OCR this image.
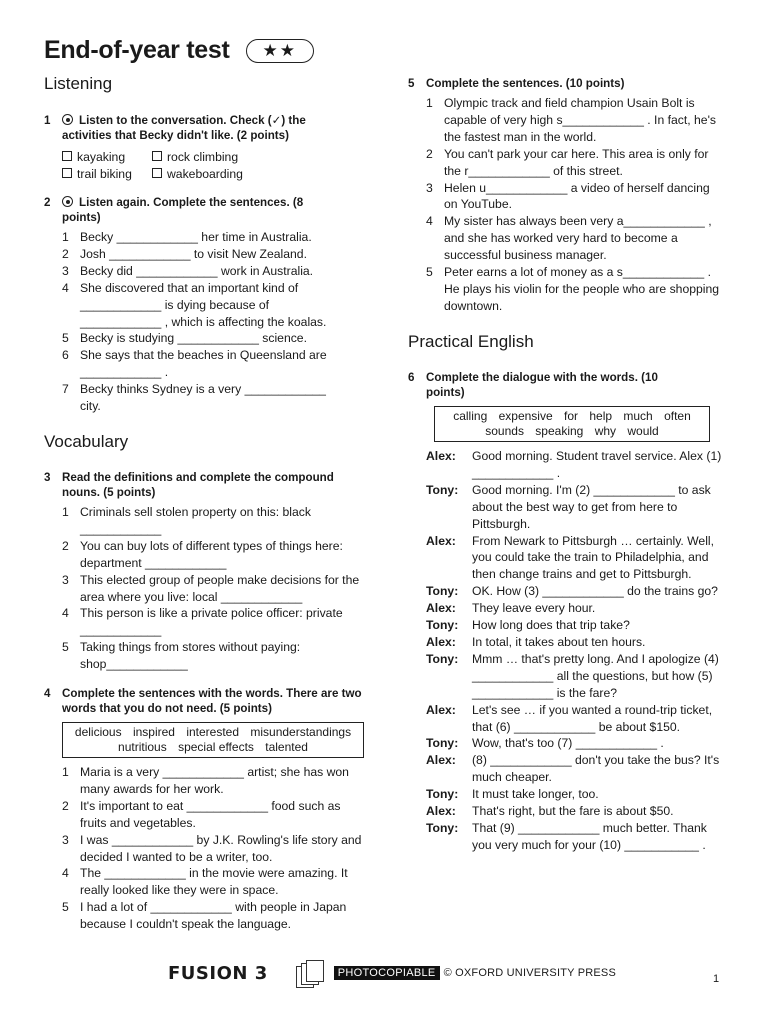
End-of-year test	★★
Listening
1	Listen to the conversation. Check (✓) the activities that Becky didn't like. (2 points)
kayaking	rock climbing
trail biking	wakeboarding
2	Listen again. Complete the sentences. (8 points)
1 Becky ____________ her time in Australia.
2 Josh ____________ to visit New Zealand.
3 Becky did ____________ work in Australia.
4 She discovered that an important kind of ____________ is dying because of ____________ , which is affecting the koalas.
5 Becky is studying ____________ science.
6 She says that the beaches in Queensland are ____________ .
7 Becky thinks Sydney is a very ____________ city.
Vocabulary
3 Read the definitions and complete the compound nouns. (5 points)
1 Criminals sell stolen property on this: black ____________
2 You can buy lots of different types of things here: department ____________
3 This elected group of people make decisions for the area where you live: local ____________
4 This person is like a private police officer: private ____________
5 Taking things from stores without paying: shop____________
4 Complete the sentences with the words. There are two words that you do not need. (5 points)
delicious inspired interested misunderstandings
nutritious special effects talented
1 Maria is a very ____________ artist; she has won many awards for her work.
2 It's important to eat ____________ food such as fruits and vegetables.
3 I was ____________ by J.K. Rowling's life story and decided I wanted to be a writer, too.
4 The ____________ in the movie were amazing. It really looked like they were in space.
5 I had a lot of ____________ with people in Japan because I couldn't speak the language.
5 Complete the sentences. (10 points)
1 Olympic track and field champion Usain Bolt is capable of very high s____________ . In fact, he's the fastest man in the world.
2 You can't park your car here. This area is only for the r____________ of this street.
3 Helen u____________ a video of herself dancing on YouTube.
4 My sister has always been very a____________ , and she has worked very hard to become a successful business manager.
5 Peter earns a lot of money as a s____________ . He plays his violin for the people who are shopping downtown.
Practical English
6 Complete the dialogue with the words. (10 points)
calling expensive for help much often
sounds speaking why would
Alex:	Good morning. Student travel service. Alex (1) ____________ .
Tony:	Good morning. I'm (2) ____________ to ask about the best way to get from here to Pittsburgh.
Alex:	From Newark to Pittsburgh … certainly. Well, you could take the train to Philadelphia, and then change trains and get to Pittsburgh.
Tony:	OK. How (3) ____________ do the trains go?
Alex:	They leave every hour.
Tony:	How long does that trip take?
Alex:	In total, it takes about ten hours.
Tony:	Mmm … that's pretty long. And I apologize (4) ____________ all the questions, but how (5) ____________ is the fare?
Alex:	Let's see … if you wanted a round-trip ticket, that (6) ____________ be about $150.
Tony:	Wow, that's too (7) ____________ .
Alex:	(8) ____________ don't you take the bus? It's much cheaper.
Tony:	It must take longer, too.
Alex:	That's right, but the fare is about $50.
Tony:	That (9) ____________ much better. Thank you very much for your (10) ___________ .
FUSION 3	PHOTOCOPIABLE © OXFORD UNIVERSITY PRESS	1
